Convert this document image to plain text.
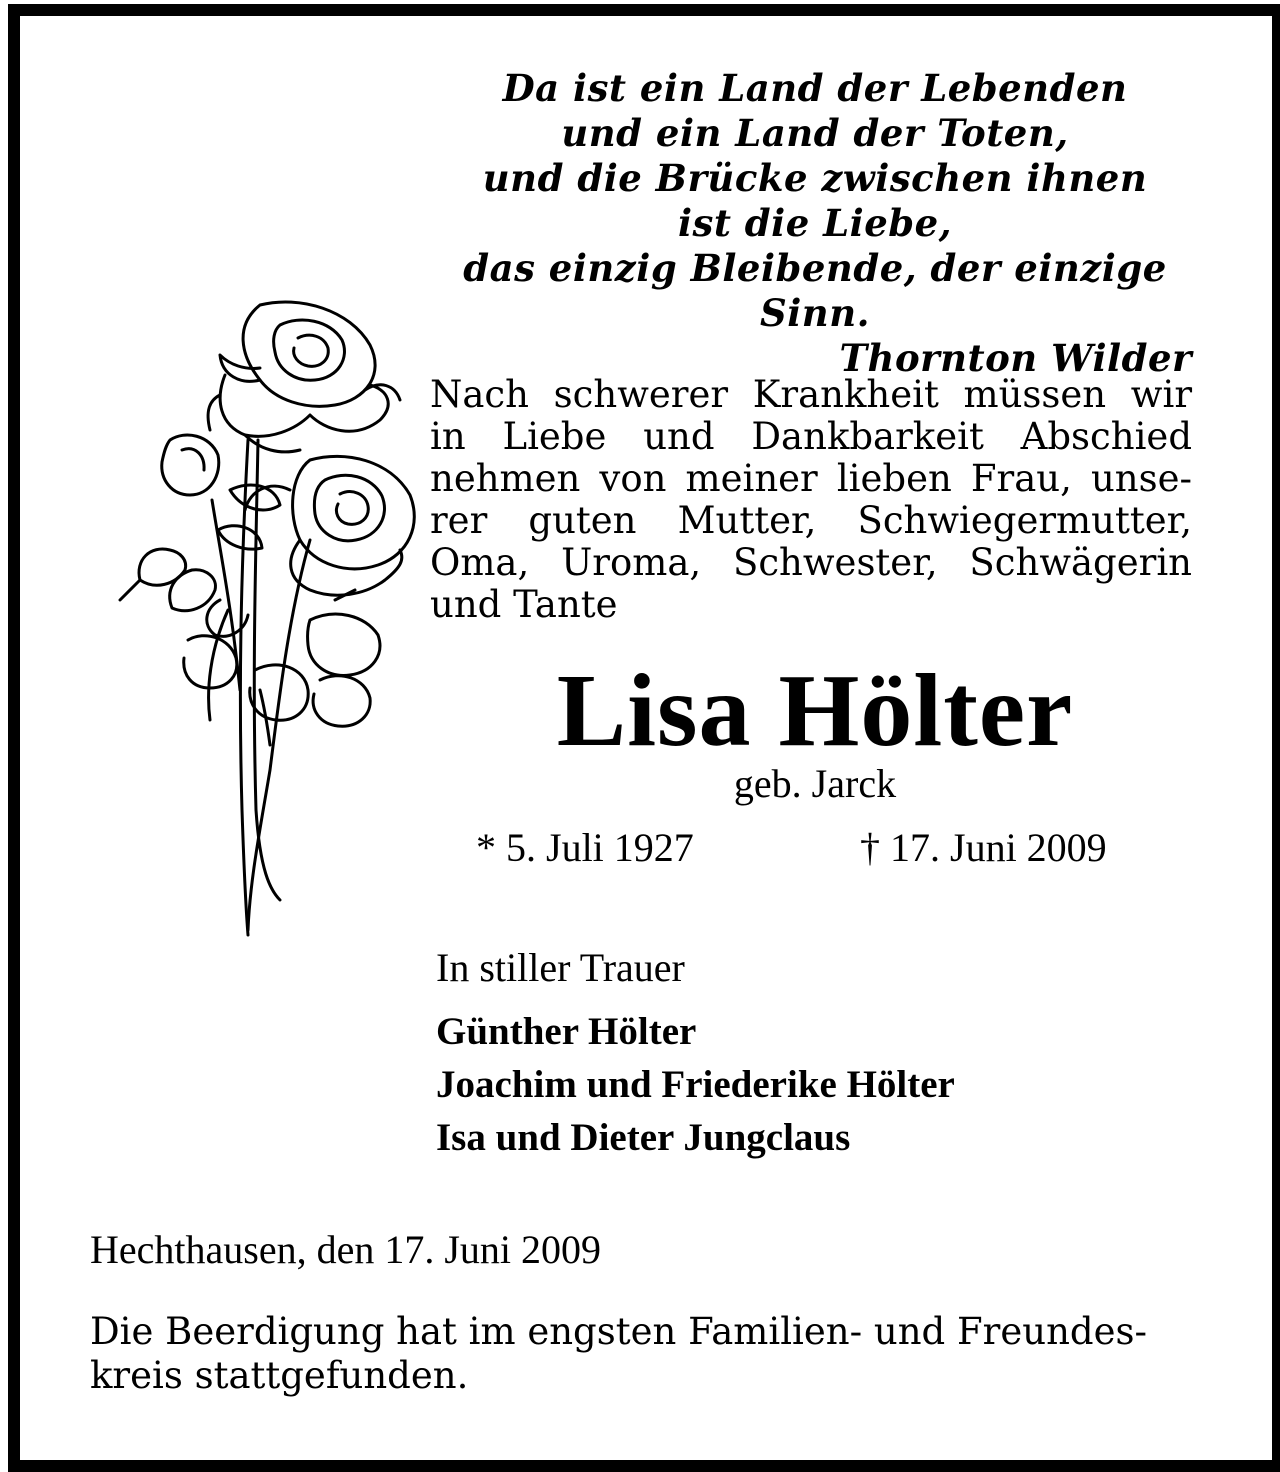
Da ist ein Land der Lebenden
und ein Land der Toten,
und die Brücke zwischen ihnen
ist die Liebe,
das einzig Bleibende, der einzige Sinn.
Thornton Wilder
Nach schwerer Krankheit müssen wir
in Liebe und Dankbarkeit Abschied
nehmen von meiner lieben Frau, unse-
rer guten Mutter, Schwiegermutter,
Oma, Uroma, Schwester, Schwägerin
und Tante
Lisa Hölter
geb. Jarck
* 5. Juli 1927	† 17. Juni 2009
In stiller Trauer
Günther Hölter
Joachim und Friederike Hölter
Isa und Dieter Jungclaus
Hechthausen, den 17. Juni 2009
Die Beerdigung hat im engsten Familien- und Freundes-
kreis stattgefunden.
